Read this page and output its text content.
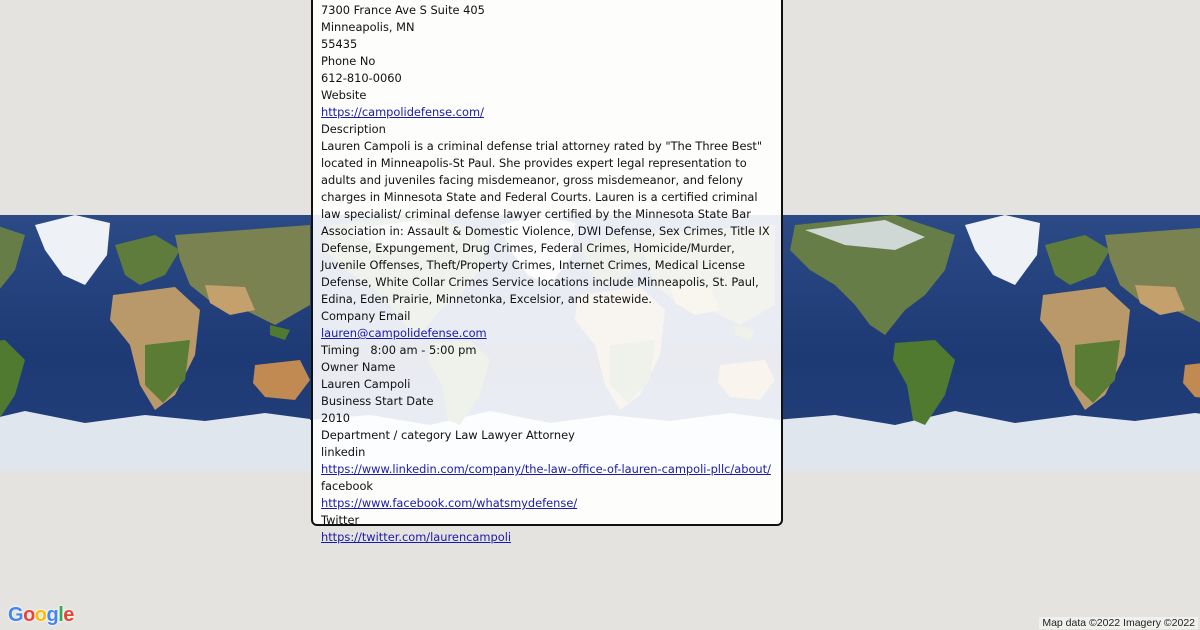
7300 France Ave S Suite 405
Minneapolis, MN
55435
Phone No
612-810-0060
Website
https://campolidefense.com/
Description
Lauren Campoli is a criminal defense trial attorney rated by "The Three Best" located in Minneapolis-St Paul. She provides expert legal representation to adults and juveniles facing misdemeanor, gross misdemeanor, and felony charges in Minnesota State and Federal Courts. Lauren is a certified criminal law specialist/ criminal defense lawyer certified by the Minnesota State Bar Association in: Assault & Domestic Violence, DWI Defense, Sex Crimes, Title IX Defense, Expungement, Drug Crimes, Federal Crimes, Homicide/Murder, Juvenile Offenses, Theft/Property Crimes, Internet Crimes, Medical License Defense, White Collar Crimes Service locations include Minneapolis, St. Paul, Edina, Eden Prairie, Minnetonka, Excelsior, and statewide.
Company Email
lauren@campolidefense.com
Timing 8:00 am - 5:00 pm
Owner Name
Lauren Campoli
Business Start Date
2010
Department / category Law Lawyer Attorney
linkedin
https://www.linkedin.com/company/the-law-office-of-lauren-campoli-pllc/about/
facebook
https://www.facebook.com/whatsmydefense/
Twitter
https://twitter.com/laurencampoli
Google	Map data ©2022 Imagery ©2022
